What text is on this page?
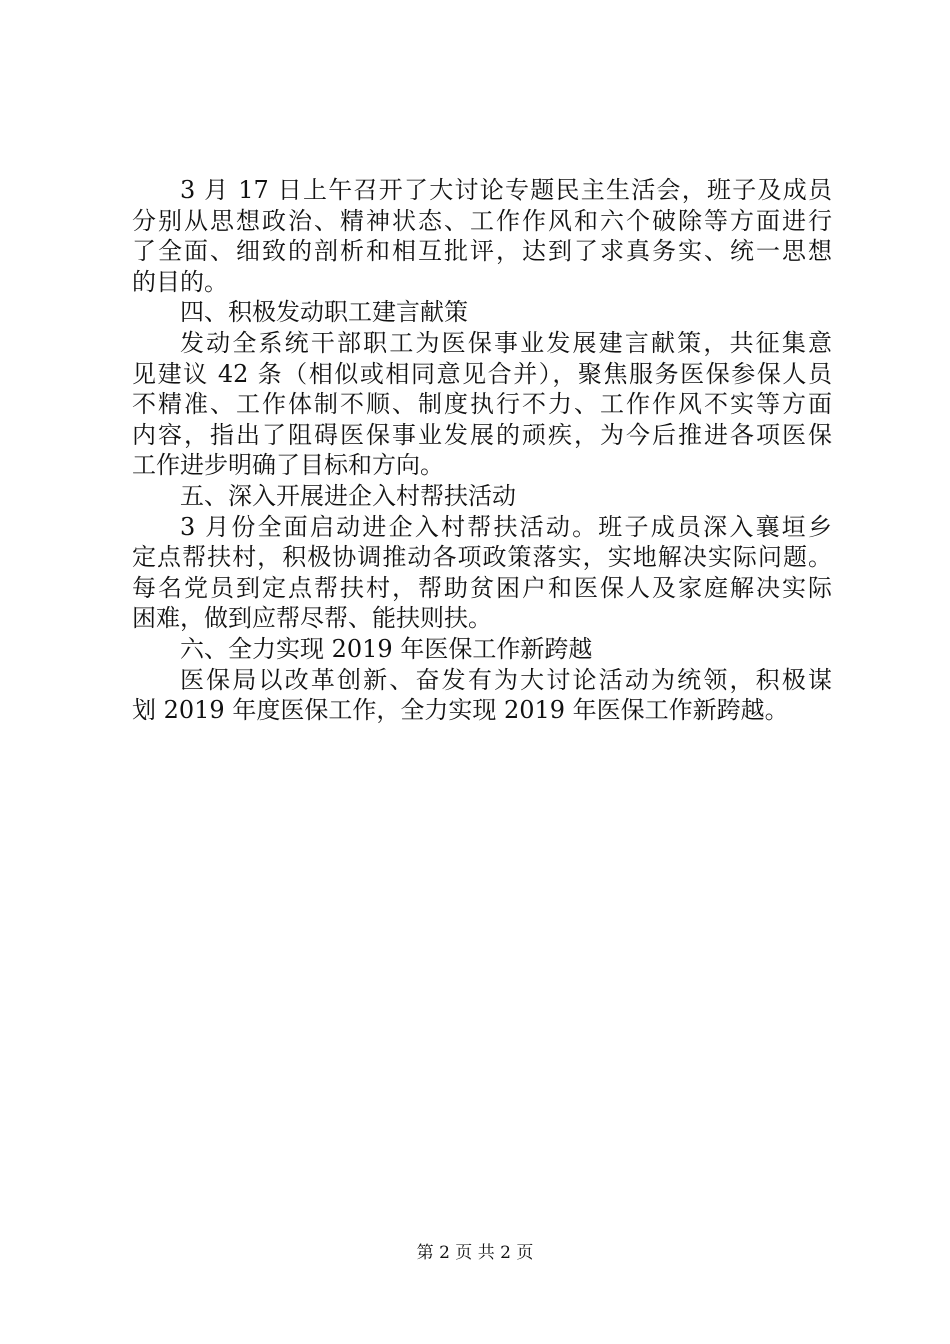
3 月 17 日上午召开了大讨论专题民主生活会，班子及成员
分别从思想政治、精神状态、工作作风和六个破除等方面进行
了全面、细致的剖析和相互批评，达到了求真务实、统一思想
的目的。
四、积极发动职工建言献策
发动全系统干部职工为医保事业发展建言献策，共征集意
见建议 42 条（相似或相同意见合并），聚焦服务医保参保人员
不精准、工作体制不顺、制度执行不力、工作作风不实等方面
内容，指出了阻碍医保事业发展的顽疾，为今后推进各项医保
工作进步明确了目标和方向。
五、深入开展进企入村帮扶活动
3 月份全面启动进企入村帮扶活动。班子成员深入襄垣乡
定点帮扶村，积极协调推动各项政策落实，实地解决实际问题。
每名党员到定点帮扶村，帮助贫困户和医保人及家庭解决实际
困难，做到应帮尽帮、能扶则扶。
六、全力实现 2019 年医保工作新跨越
医保局以改革创新、奋发有为大讨论活动为统领，积极谋
划 2019 年度医保工作，全力实现 2019 年医保工作新跨越。
第 2 页 共 2 页
